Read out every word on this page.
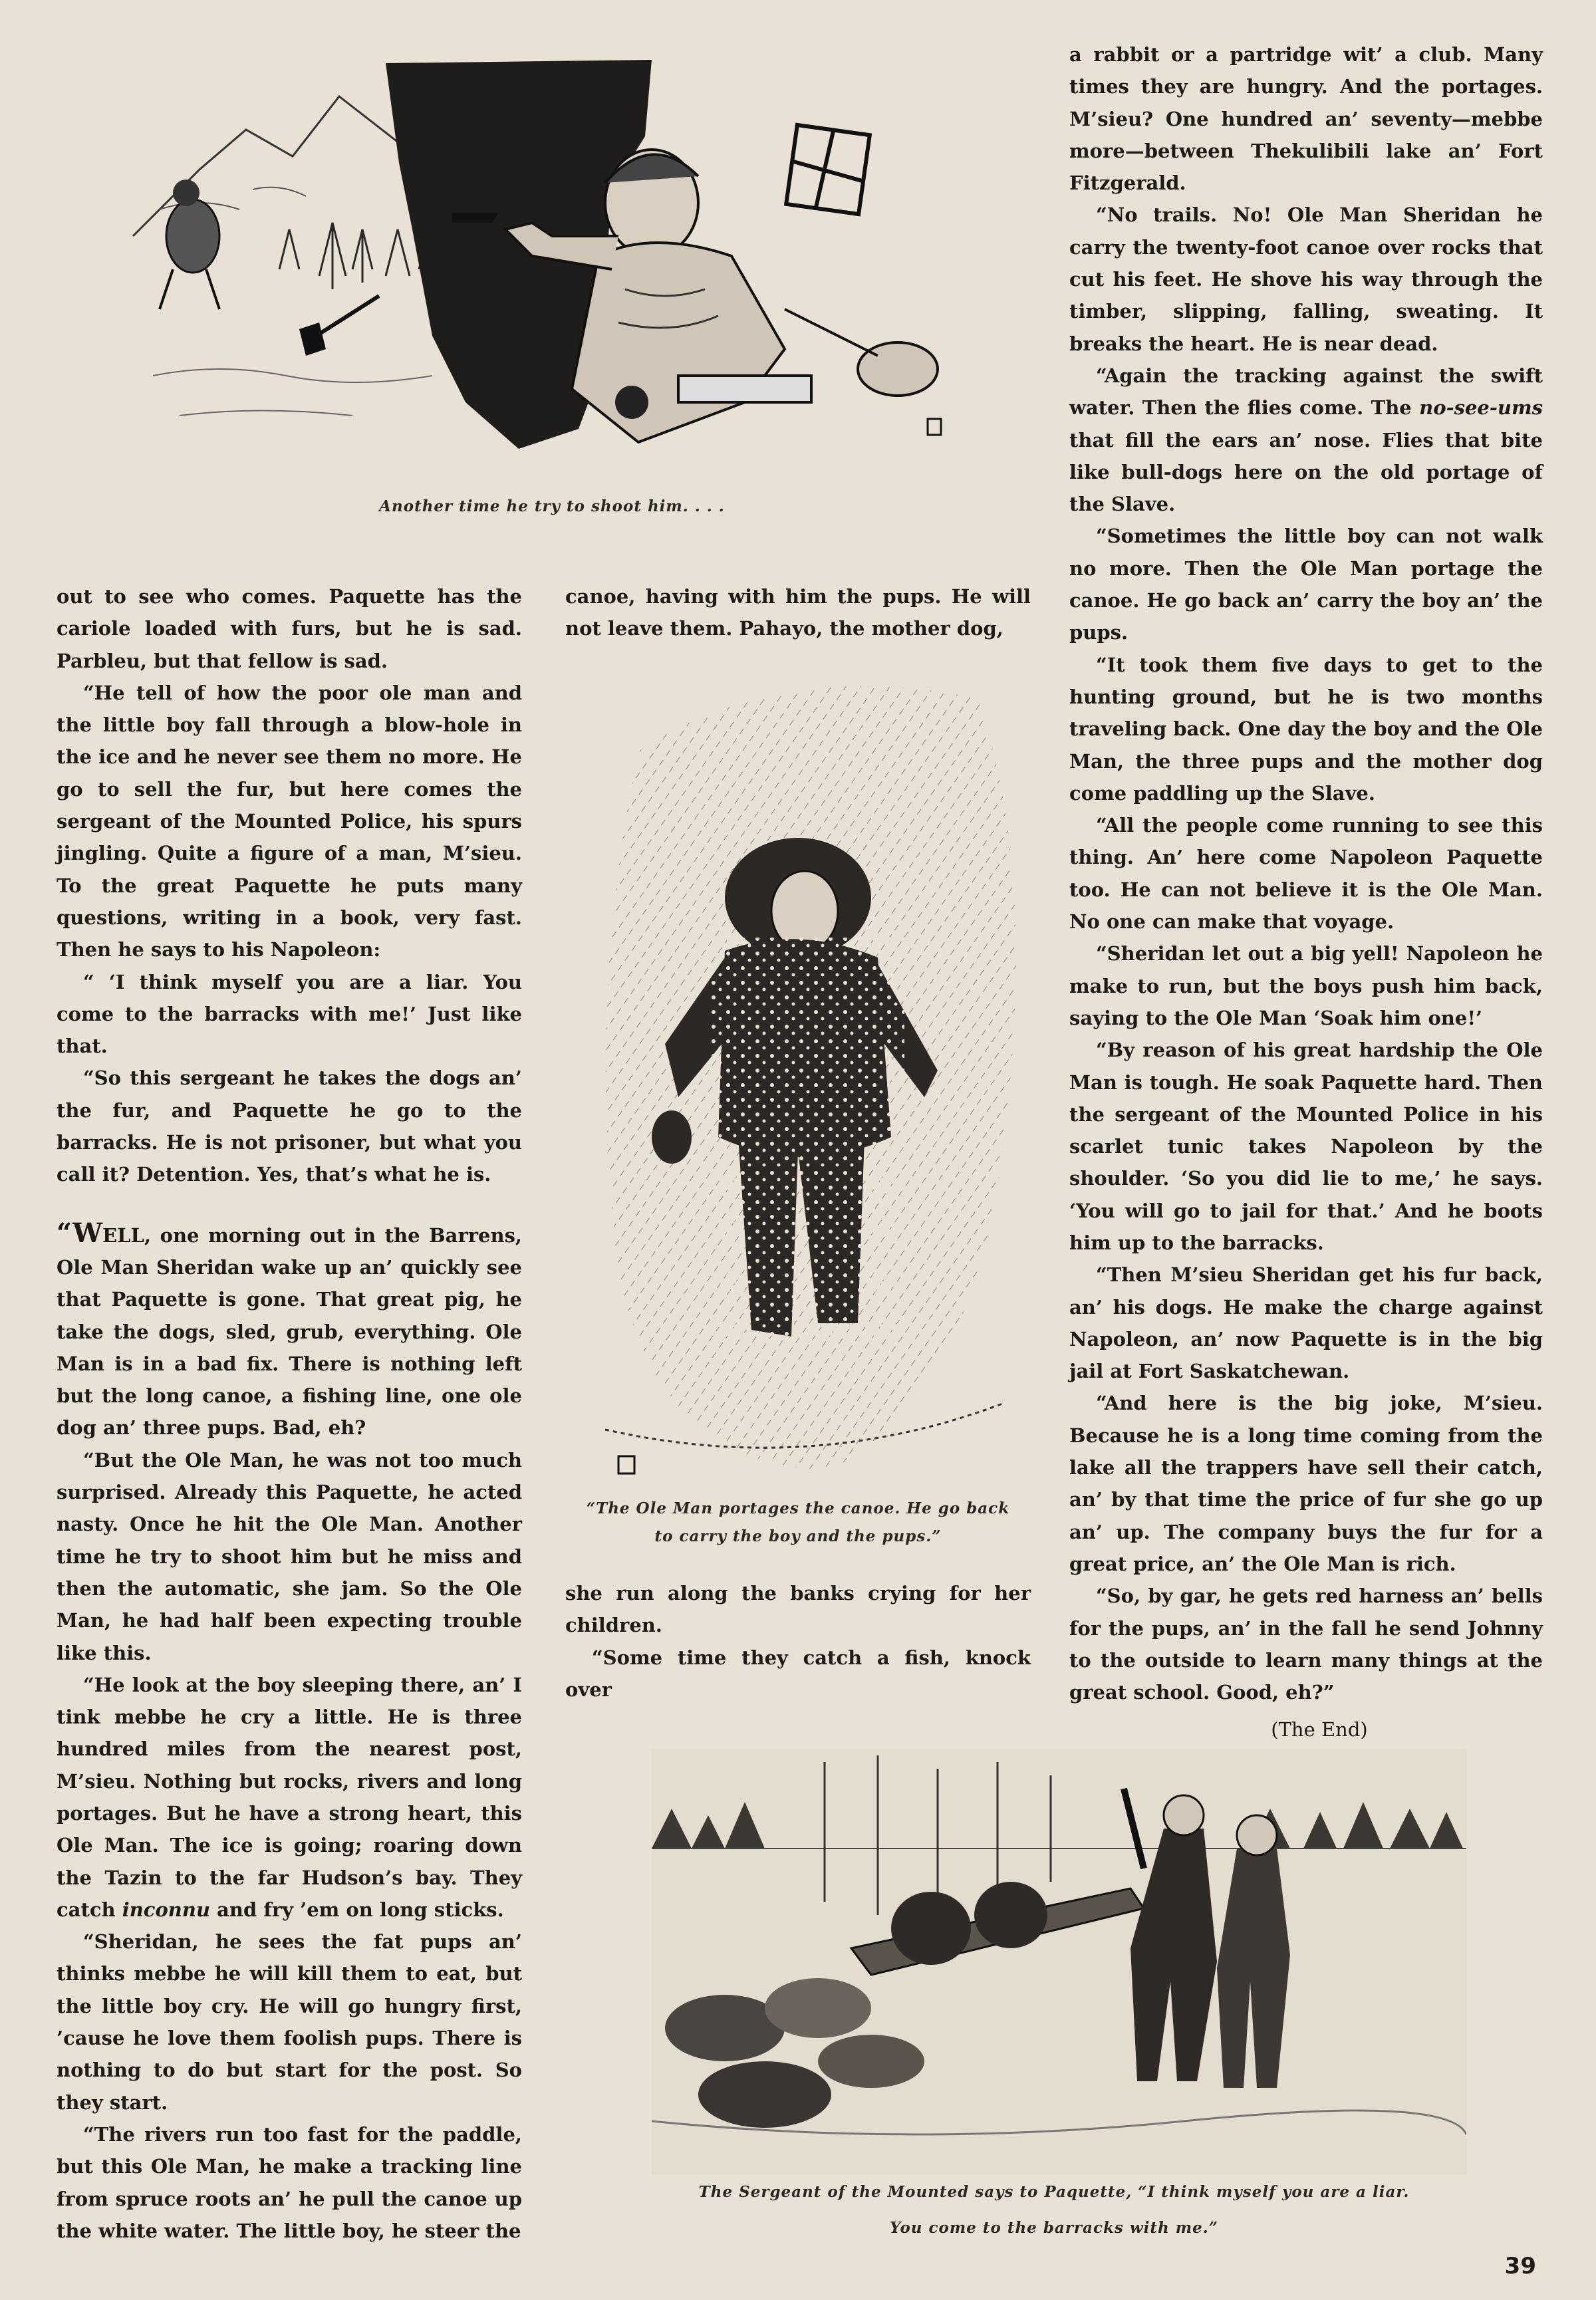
Another time he try to shoot him. . . .

out to see who comes. Paquette has the cariole loaded with furs, but he is sad. Parbleu, but that fellow is sad.

“He tell of how the poor ole man and the little boy fall through a blow-hole in the ice and he never see them no more. He go to sell the fur, but here comes the sergeant of the Mounted Police, his spurs jingling. Quite a figure of a man, M’sieu. To the great Paquette he puts many questions, writing in a book, very fast. Then he says to his Napoleon:

“ ‘I think myself you are a liar. You come to the barracks with me!’ Just like that.

“So this sergeant he takes the dogs an’ the fur, and Paquette he go to the barracks. He is not prisoner, but what you call it? Detention. Yes, that’s what he is.

“WELL, one morning out in the Barrens, Ole Man Sheridan wake up an’ quickly see that Paquette is gone. That great pig, he take the dogs, sled, grub, everything. Ole Man is in a bad fix. There is nothing left but the long canoe, a fishing line, one ole dog an’ three pups. Bad, eh?

“But the Ole Man, he was not too much surprised. Already this Paquette, he acted nasty. Once he hit the Ole Man. Another time he try to shoot him but he miss and then the automatic, she jam. So the Ole Man, he had half been expecting trouble like this.

“He look at the boy sleeping there, an’ I tink mebbe he cry a little. He is three hundred miles from the nearest post, M’sieu. Nothing but rocks, rivers and long portages. But he have a strong heart, this Ole Man. The ice is going; roaring down the Tazin to the far Hudson’s bay. They catch inconnu and fry ’em on long sticks.

“Sheridan, he sees the fat pups an’ thinks mebbe he will kill them to eat, but the little boy cry. He will go hungry first, ’cause he love them foolish pups. There is nothing to do but start for the post. So they start.

“The rivers run too fast for the paddle, but this Ole Man, he make a tracking line from spruce roots an’ he pull the canoe up the white water. The little boy, he steer the

canoe, having with him the pups. He will not leave them. Pahayo, the mother dog,

“The Ole Man portages the canoe. He go back
to carry the boy and the pups.”

she run along the banks crying for her children.

“Some time they catch a fish, knock over

a rabbit or a partridge wit’ a club. Many times they are hungry. And the portages. M’sieu? One hundred an’ seventy—mebbe more—between Thekulibili lake an’ Fort Fitzgerald.

“No trails. No! Ole Man Sheridan he carry the twenty-foot canoe over rocks that cut his feet. He shove his way through the timber, slipping, falling, sweating. It breaks the heart. He is near dead.

“Again the tracking against the swift water. Then the flies come. The no-see-ums that fill the ears an’ nose. Flies that bite like bull-dogs here on the old portage of the Slave.

“Sometimes the little boy can not walk no more. Then the Ole Man portage the canoe. He go back an’ carry the boy an’ the pups.

“It took them five days to get to the hunting ground, but he is two months traveling back. One day the boy and the Ole Man, the three pups and the mother dog come paddling up the Slave.

“All the people come running to see this thing. An’ here come Napoleon Paquette too. He can not believe it is the Ole Man. No one can make that voyage.

“Sheridan let out a big yell! Napoleon he make to run, but the boys push him back, saying to the Ole Man ‘Soak him one!’

“By reason of his great hardship the Ole Man is tough. He soak Paquette hard. Then the sergeant of the Mounted Police in his scarlet tunic takes Napoleon by the shoulder. ‘So you did lie to me,’ he says. ‘You will go to jail for that.’ And he boots him up to the barracks.

“Then M’sieu Sheridan get his fur back, an’ his dogs. He make the charge against Napoleon, an’ now Paquette is in the big jail at Fort Saskatchewan.

“And here is the big joke, M’sieu. Because he is a long time coming from the lake all the trappers have sell their catch, an’ by that time the price of fur she go up an’ up. The company buys the fur for a great price, an’ the Ole Man is rich.

“So, by gar, he gets red harness an’ bells for the pups, an’ in the fall he send Johnny to the outside to learn many things at the great school. Good, eh?”

(The End)

The Sergeant of the Mounted says to Paquette, “I think myself you are a liar.
You come to the barracks with me.”
39
